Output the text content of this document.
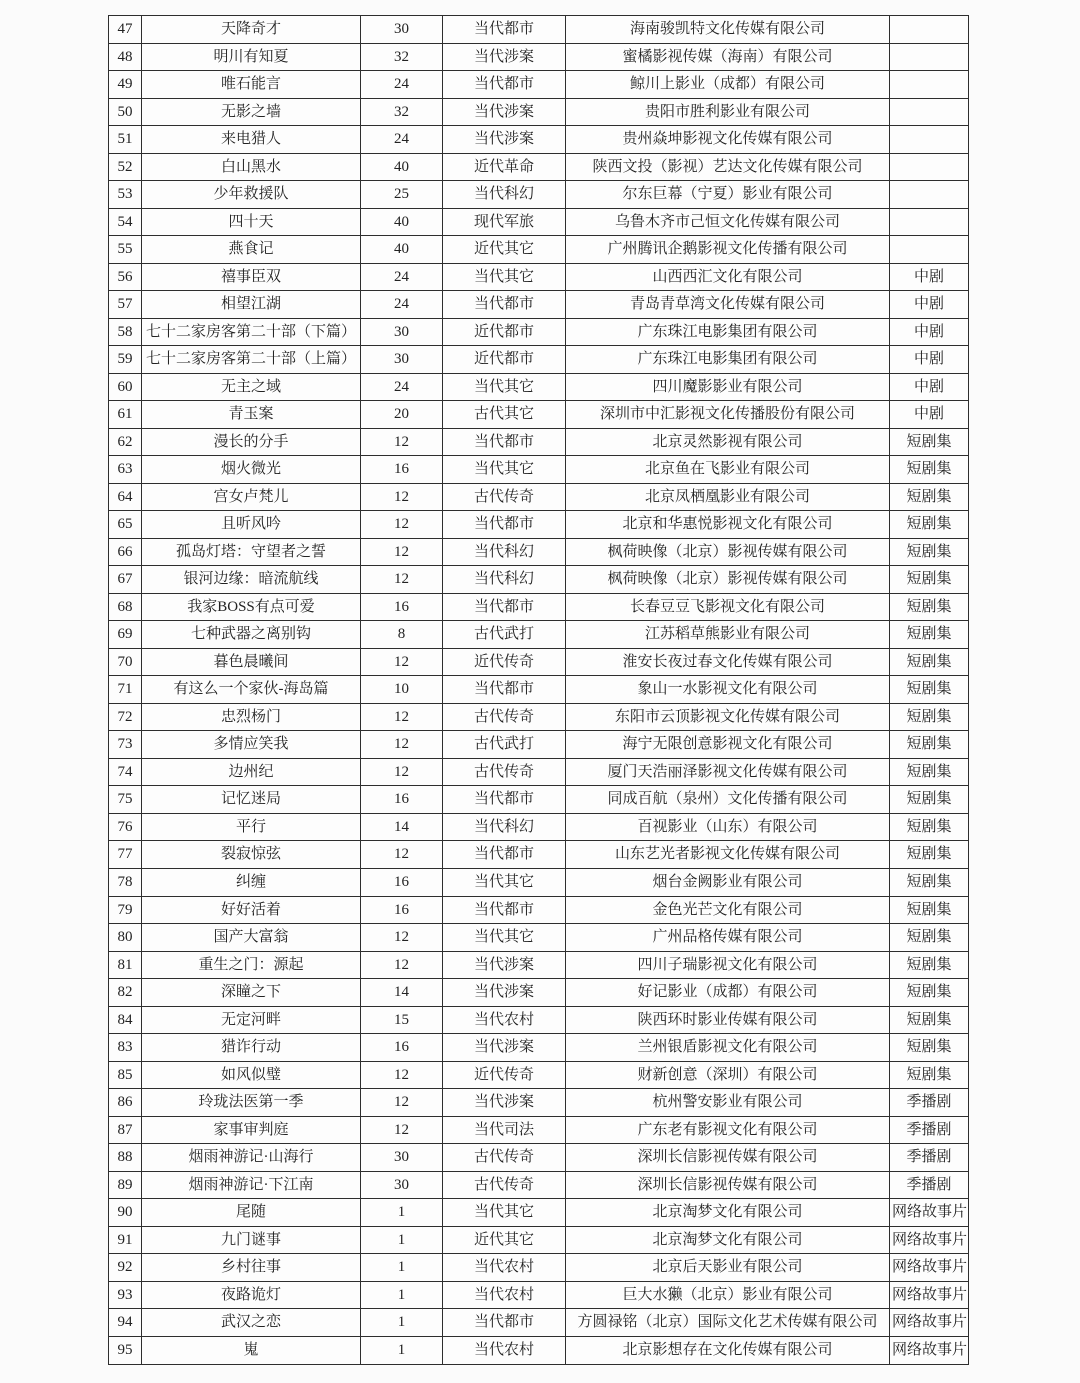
47	天降奇才	30	当代都市	海南骏凯特文化传媒有限公司	
48	明川有知夏	32	当代涉案	蜜橘影视传媒（海南）有限公司	
49	唯石能言	24	当代都市	鲸川上影业（成都）有限公司	
50	无影之墙	32	当代涉案	贵阳市胜利影业有限公司	
51	来电猎人	24	当代涉案	贵州焱坤影视文化传媒有限公司	
52	白山黑水	40	近代革命	陕西文投（影视）艺达文化传媒有限公司	
53	少年救援队	25	当代科幻	尔东巨幕（宁夏）影业有限公司	
54	四十天	40	现代军旅	乌鲁木齐市己恒文化传媒有限公司	
55	燕食记	40	近代其它	广州腾讯企鹅影视文化传播有限公司	
56	禧事臣双	24	当代其它	山西西汇文化有限公司	中剧
57	相望江湖	24	当代都市	青岛青草湾文化传媒有限公司	中剧
58	七十二家房客第二十部（下篇）	30	近代都市	广东珠江电影集团有限公司	中剧
59	七十二家房客第二十部（上篇）	30	近代都市	广东珠江电影集团有限公司	中剧
60	无主之域	24	当代其它	四川魔影影业有限公司	中剧
61	青玉案	20	古代其它	深圳市中汇影视文化传播股份有限公司	中剧
62	漫长的分手	12	当代都市	北京灵然影视有限公司	短剧集
63	烟火微光	16	当代其它	北京鱼在飞影业有限公司	短剧集
64	宫女卢梵儿	12	古代传奇	北京凤栖凰影业有限公司	短剧集
65	且听风吟	12	当代都市	北京和华惠悦影视文化有限公司	短剧集
66	孤岛灯塔：守望者之誓	12	当代科幻	枫荷映像（北京）影视传媒有限公司	短剧集
67	银河边缘：暗流航线	12	当代科幻	枫荷映像（北京）影视传媒有限公司	短剧集
68	我家BOSS有点可爱	16	当代都市	长春豆豆飞影视文化有限公司	短剧集
69	七种武器之离别钩	8	古代武打	江苏稻草熊影业有限公司	短剧集
70	暮色晨曦间	12	近代传奇	淮安长夜过春文化传媒有限公司	短剧集
71	有这么一个家伙-海岛篇	10	当代都市	象山一水影视文化有限公司	短剧集
72	忠烈杨门	12	古代传奇	东阳市云顶影视文化传媒有限公司	短剧集
73	多情应笑我	12	古代武打	海宁无限创意影视文化有限公司	短剧集
74	边州纪	12	古代传奇	厦门天浩丽泽影视文化传媒有限公司	短剧集
75	记忆迷局	16	当代都市	同成百航（泉州）文化传播有限公司	短剧集
76	平行	14	当代科幻	百视影业（山东）有限公司	短剧集
77	裂寂惊弦	12	当代都市	山东艺光者影视文化传媒有限公司	短剧集
78	纠缠	16	当代其它	烟台金阙影业有限公司	短剧集
79	好好活着	16	当代都市	金色光芒文化有限公司	短剧集
80	国产大富翁	12	当代其它	广州品格传媒有限公司	短剧集
81	重生之门：源起	12	当代涉案	四川子瑞影视文化有限公司	短剧集
82	深瞳之下	14	当代涉案	好记影业（成都）有限公司	短剧集
84	无定河畔	15	当代农村	陕西环时影业传媒有限公司	短剧集
83	猎诈行动	16	当代涉案	兰州银盾影视文化有限公司	短剧集
85	如风似璧	12	近代传奇	财新创意（深圳）有限公司	短剧集
86	玲珑法医第一季	12	当代涉案	杭州警安影业有限公司	季播剧
87	家事审判庭	12	当代司法	广东老有影视文化有限公司	季播剧
88	烟雨神游记·山海行	30	古代传奇	深圳长信影视传媒有限公司	季播剧
89	烟雨神游记·下江南	30	古代传奇	深圳长信影视传媒有限公司	季播剧
90	尾随	1	当代其它	北京淘梦文化有限公司	网络故事片
91	九门谜事	1	近代其它	北京淘梦文化有限公司	网络故事片
92	乡村往事	1	当代农村	北京后天影业有限公司	网络故事片
93	夜路诡灯	1	当代农村	巨大水獭（北京）影业有限公司	网络故事片
94	武汉之恋	1	当代都市	方圆禄铭（北京）国际文化艺术传媒有限公司	网络故事片
95	嵬	1	当代农村	北京影想存在文化传媒有限公司	网络故事片
